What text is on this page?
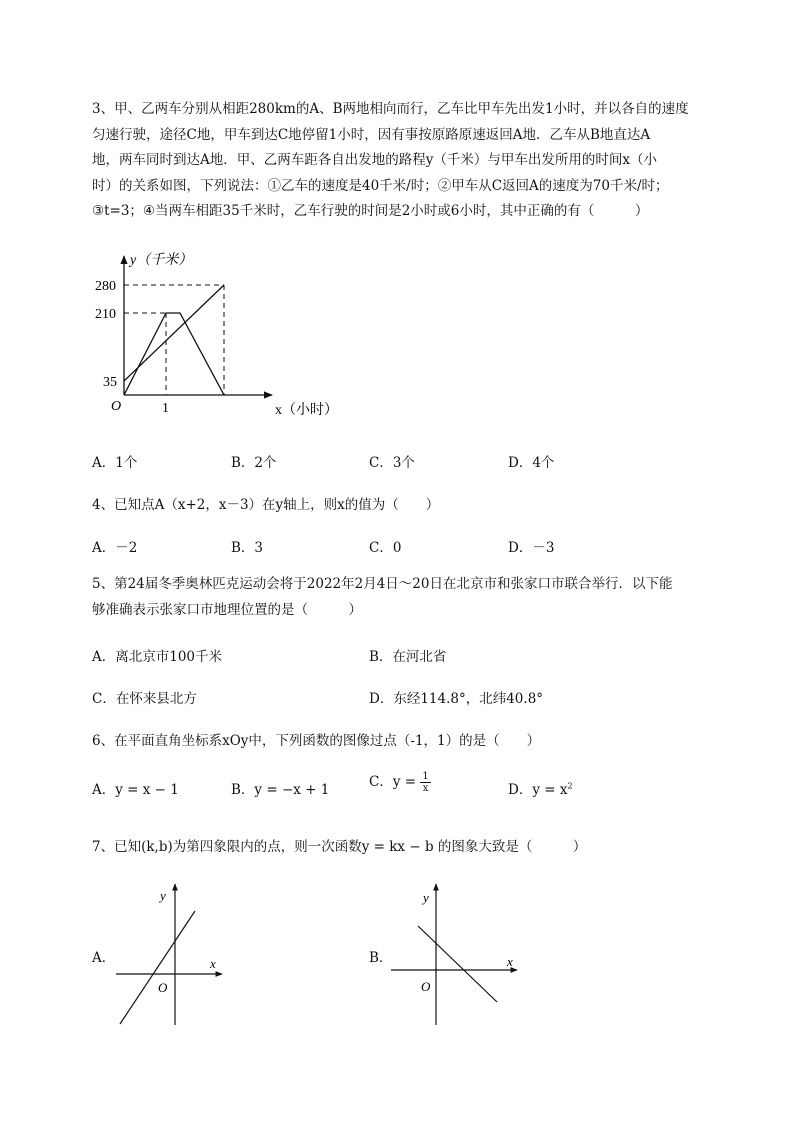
3、甲、乙两车分别从相距280km的A、B两地相向而行，乙车比甲车先出发1小时，并以各自的速度
匀速行驶，途径C地，甲车到达C地停留1小时，因有事按原路原速返回A地．乙车从B地直达A
地，两车同时到达A地．甲、乙两车距各自出发地的路程y（千米）与甲车出发所用的时间x（小
时）的关系如图，下列说法：①乙车的速度是40千米/时；②甲车从C返回A的速度为70千米/时；
③t=3；④当两车相距35千米时，乙车行驶的时间是2小时或6小时，其中正确的有（　　　）
y（千米）
x（小时）
O
280
210
35
1
A．1个	B．2个	C．3个	D．4个
4、已知点A（x+2，x－3）在y轴上，则x的值为（　　）
A．－2	B．3	C．0	D．－3
5、第24届冬季奥林匹克运动会将于2022年2月4日～20日在北京市和张家口市联合举行．以下能
够准确表示张家口市地理位置的是（　　　）
A．离北京市100千米	B．在河北省
C．在怀来县北方	D．东经114.8°，北纬40.8°
6、在平面直角坐标系xOy中，下列函数的图像过点（-1，1）的是（　　）
A．y = x − 1	B．y = −x + 1	C．$y = \frac{1}{x}$	D．$y = x^2$
7、已知(k,b)为第四象限内的点，则一次函数y = kx − b 的图象大致是（　　　）
A．	x
y
O
B．	x
y
O
